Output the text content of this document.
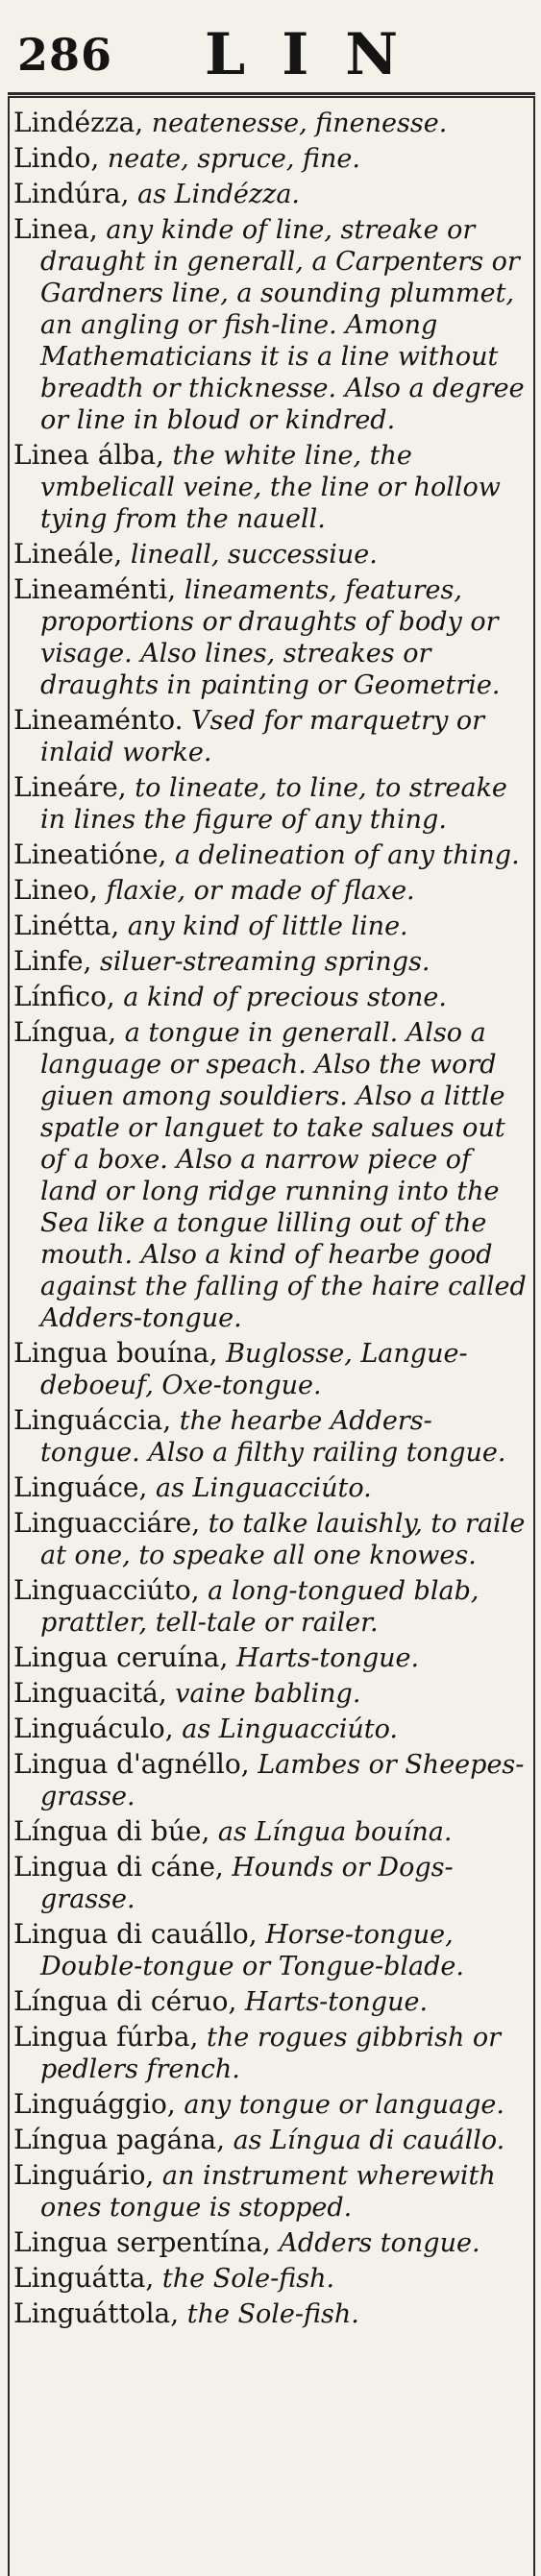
286 LIN
Lindézza, neatenesse, finenesse.
Lindo, neate, spruce, fine.
Lindúra, as Lindézza.
Linea, any kinde of line, streake or draught in generall, a Carpenters or Gardners line, a sounding plummet, an angling or fish-line. Among Mathematicians it is a line without breadth or thicknesse. Also a degree or line in bloud or kindred.
Linea álba, the white line, the vmbelicall veine, the line or hollow tying from the nauell.
Lineále, lineall, successiue.
Lineaménti, lineaments, features, proportions or draughts of body or visage. Also lines, streakes or draughts in painting or Geometrie.
Lineaménto. Vsed for marquetry or inlaid worke.
Lineáre, to lineate, to line, to streake in lines the figure of any thing.
Lineatióne, a delineation of any thing.
Lineo, flaxie, or made of flaxe.
Linétta, any kind of little line.
Linfe, siluer-streaming springs.
Línfico, a kind of precious stone.
Língua, a tongue in generall. Also a language or speach. Also the word giuen among souldiers. Also a little spatle or languet to take salues out of a boxe. Also a narrow piece of land or long ridge running into the Sea like a tongue lilling out of the mouth. Also a kind of hearbe good against the falling of the haire called Adders-tongue.
Lingua bouína, Buglosse, Langue-deboeuf, Oxe-tongue.
Linguáccia, the hearbe Adders-tongue. Also a filthy railing tongue.
Linguáce, as Linguacciúto.
Linguacciáre, to talke lauishly, to raile at one, to speake all one knowes.
Linguacciúto, a long-tongued blab, prattler, tell-tale or railer.
Lingua ceruína, Harts-tongue.
Linguacitá, vaine babling.
Linguáculo, as Linguacciúto.
Lingua d'agnéllo, Lambes or Sheepes-grasse.
Língua di búe, as Língua bouína.
Lingua di cáne, Hounds or Dogs-grasse.
Lingua di cauállo, Horse-tongue, Double-tongue or Tongue-blade.
Língua di céruo, Harts-tongue.
Lingua fúrba, the rogues gibbrish or pedlers french.
Linguággio, any tongue or language.
Língua pagána, as Língua di cauállo.
Linguário, an instrument wherewith ones tongue is stopped.
Lingua serpentína, Adders tongue.
Linguátta, the Sole-fish.
Linguáttola, the Sole-fish.
